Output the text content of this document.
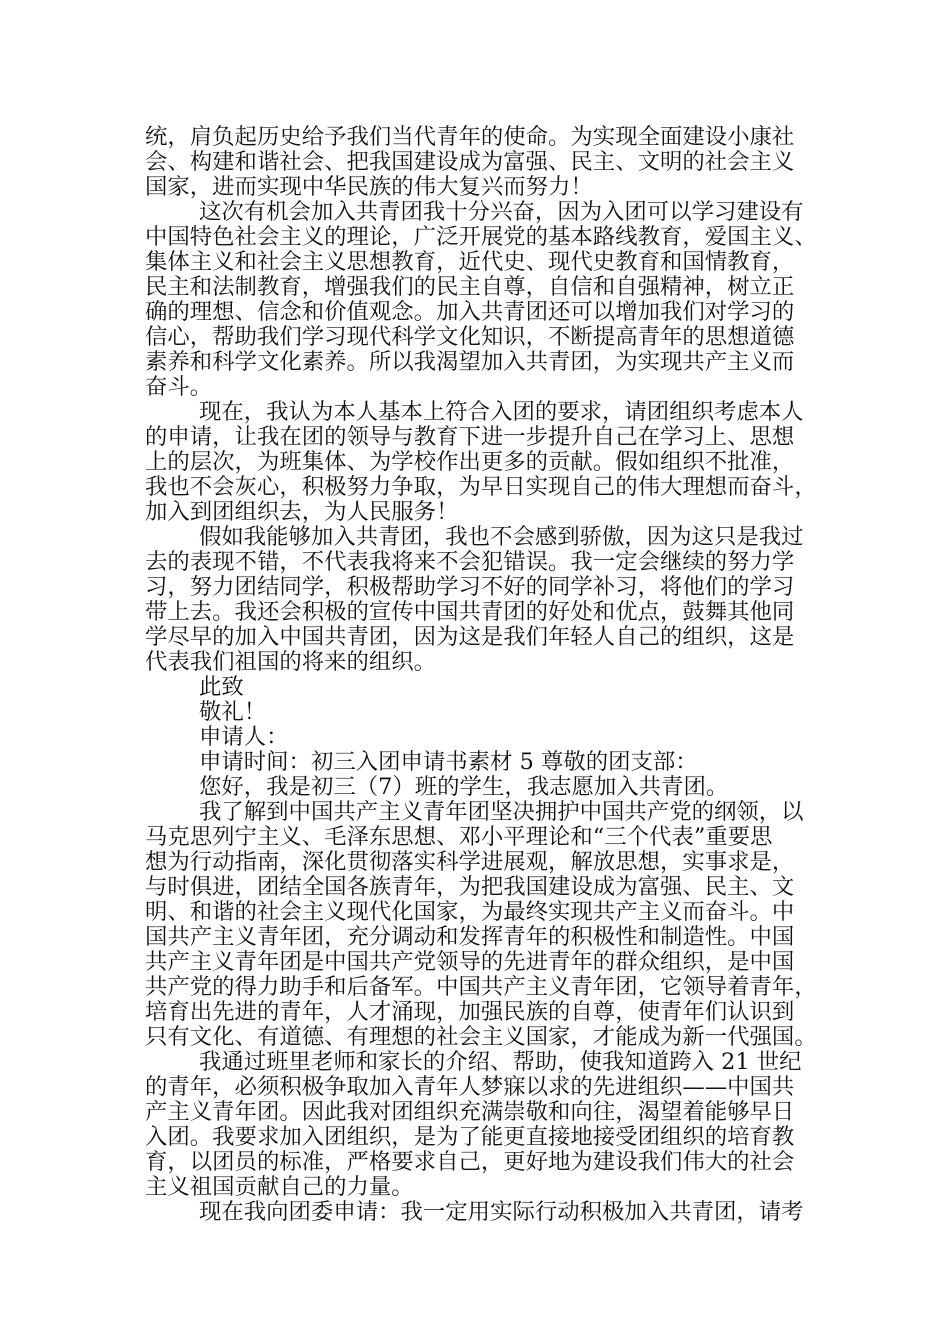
统，肩负起历史给予我们当代青年的使命。为实现全面建设小康社
会、构建和谐社会、把我国建设成为富强、民主、文明的社会主义
国家，进而实现中华民族的伟大复兴而努力！
这次有机会加入共青团我十分兴奋，因为入团可以学习建设有
中国特色社会主义的理论，广泛开展党的基本路线教育，爱国主义、
集体主义和社会主义思想教育，近代史、现代史教育和国情教育，
民主和法制教育，增强我们的民主自尊，自信和自强精神，树立正
确的理想、信念和价值观念。加入共青团还可以增加我们对学习的
信心，帮助我们学习现代科学文化知识，不断提高青年的思想道德
素养和科学文化素养。所以我渴望加入共青团，为实现共产主义而
奋斗。
现在，我认为本人基本上符合入团的要求，请团组织考虑本人
的申请，让我在团的领导与教育下进一步提升自己在学习上、思想
上的层次，为班集体、为学校作出更多的贡献。假如组织不批准，
我也不会灰心，积极努力争取，为早日实现自己的伟大理想而奋斗，
加入到团组织去，为人民服务！
假如我能够加入共青团，我也不会感到骄傲，因为这只是我过
去的表现不错，不代表我将来不会犯错误。我一定会继续的努力学
习，努力团结同学，积极帮助学习不好的同学补习，将他们的学习
带上去。我还会积极的宣传中国共青团的好处和优点，鼓舞其他同
学尽早的加入中国共青团，因为这是我们年轻人自己的组织，这是
代表我们祖国的将来的组织。
此致
敬礼！
申请人：
申请时间：初三入团申请书素材 5 尊敬的团支部：
您好，我是初三（7）班的学生，我志愿加入共青团。
我了解到中国共产主义青年团坚决拥护中国共产党的纲领，以
马克思列宁主义、毛泽东思想、邓小平理论和“三个代表”重要思
想为行动指南，深化贯彻落实科学进展观，解放思想，实事求是，
与时俱进，团结全国各族青年，为把我国建设成为富强、民主、文
明、和谐的社会主义现代化国家，为最终实现共产主义而奋斗。中
国共产主义青年团，充分调动和发挥青年的积极性和制造性。中国
共产主义青年团是中国共产党领导的先进青年的群众组织，是中国
共产党的得力助手和后备军。中国共产主义青年团，它领导着青年，
培育出先进的青年，人才涌现，加强民族的自尊，使青年们认识到
只有文化、有道德、有理想的社会主义国家，才能成为新一代强国。
我通过班里老师和家长的介绍、帮助，使我知道跨入 21 世纪
的青年，必须积极争取加入青年人梦寐以求的先进组织——中国共
产主义青年团。因此我对团组织充满崇敬和向往，渴望着能够早日
入团。我要求加入团组织，是为了能更直接地接受团组织的培育教
育，以团员的标准，严格要求自己，更好地为建设我们伟大的社会
主义祖国贡献自己的力量。
现在我向团委申请：我一定用实际行动积极加入共青团，请考
